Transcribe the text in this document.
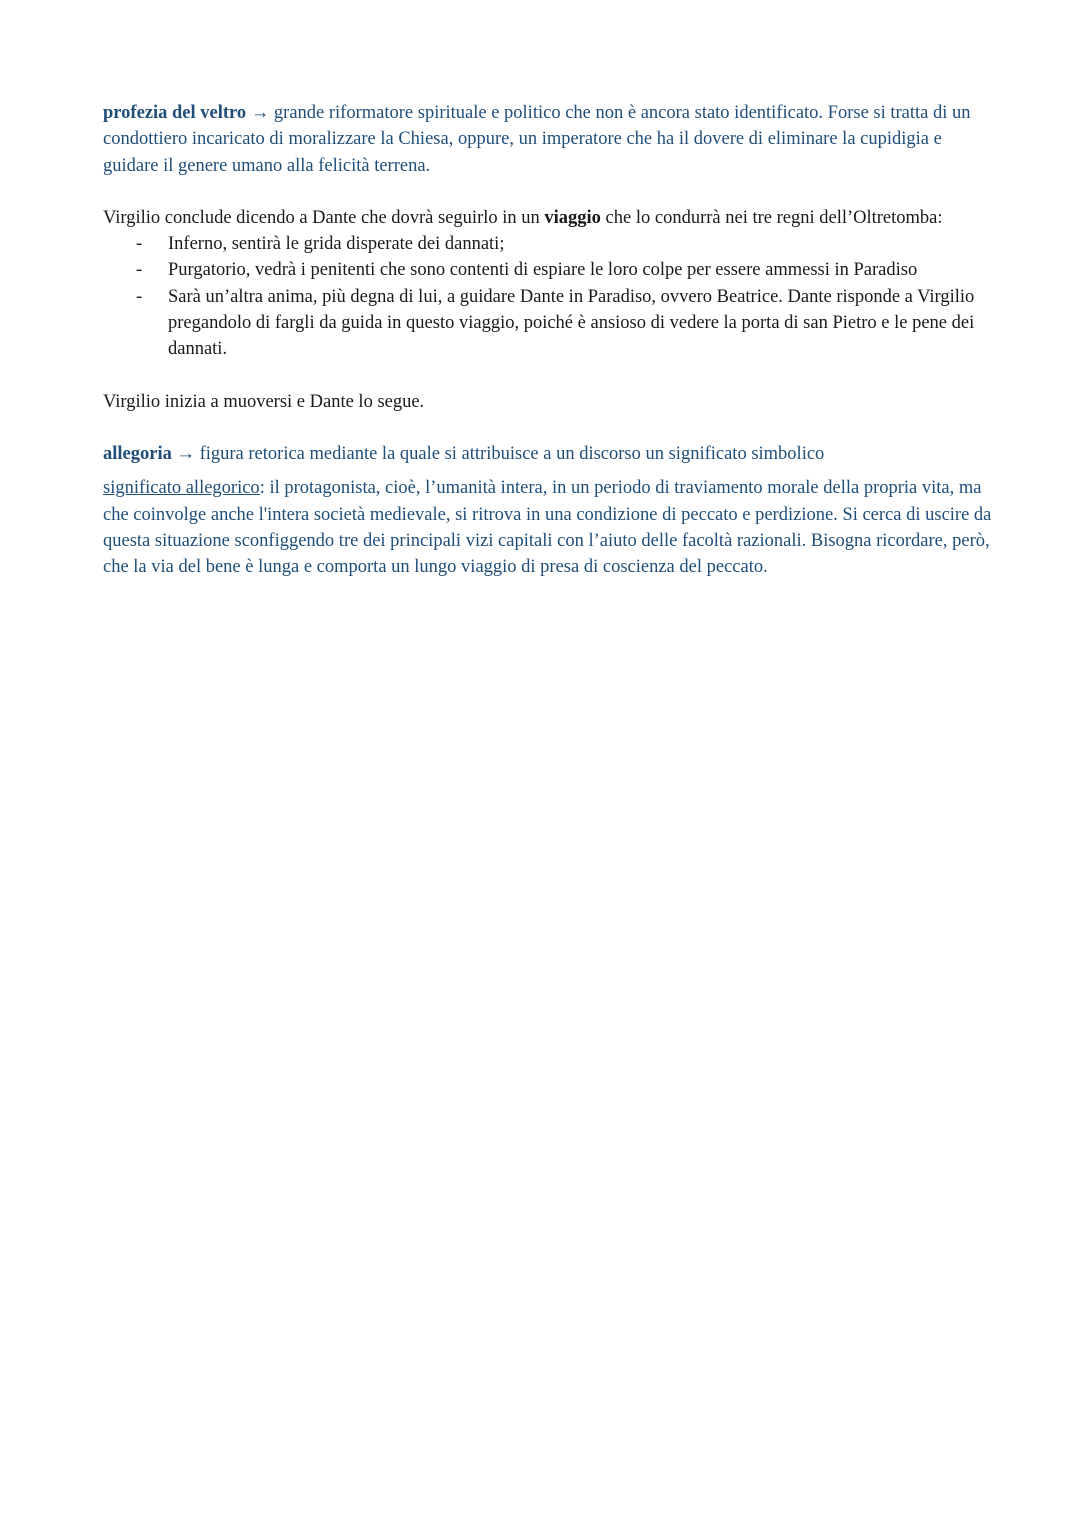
profezia del veltro → grande riformatore spirituale e politico che non è ancora stato identificato. Forse si tratta di un condottiero incaricato di moralizzare la Chiesa, oppure, un imperatore che ha il dovere di eliminare la cupidigia e guidare il genere umano alla felicità terrena.

Virgilio conclude dicendo a Dante che dovrà seguirlo in un viaggio che lo condurrà nei tre regni dell’Oltretomba:

- Inferno, sentirà le grida disperate dei dannati;
- Purgatorio, vedrà i penitenti che sono contenti di espiare le loro colpe per essere ammessi in Paradiso
- Sarà un’altra anima, più degna di lui, a guidare Dante in Paradiso, ovvero Beatrice. Dante risponde a Virgilio pregandolo di fargli da guida in questo viaggio, poiché è ansioso di vedere la porta di san Pietro e le pene dei dannati.

Virgilio inizia a muoversi e Dante lo segue.

allegoria → figura retorica mediante la quale si attribuisce a un discorso un significato simbolico

significato allegorico: il protagonista, cioè, l’umanità intera, in un periodo di traviamento morale della propria vita, ma che coinvolge anche l'intera società medievale, si ritrova in una condizione di peccato e perdizione. Si cerca di uscire da questa situazione sconfiggendo tre dei principali vizi capitali con l’aiuto delle facoltà razionali. Bisogna ricordare, però, che la via del bene è lunga e comporta un lungo viaggio di presa di coscienza del peccato.
